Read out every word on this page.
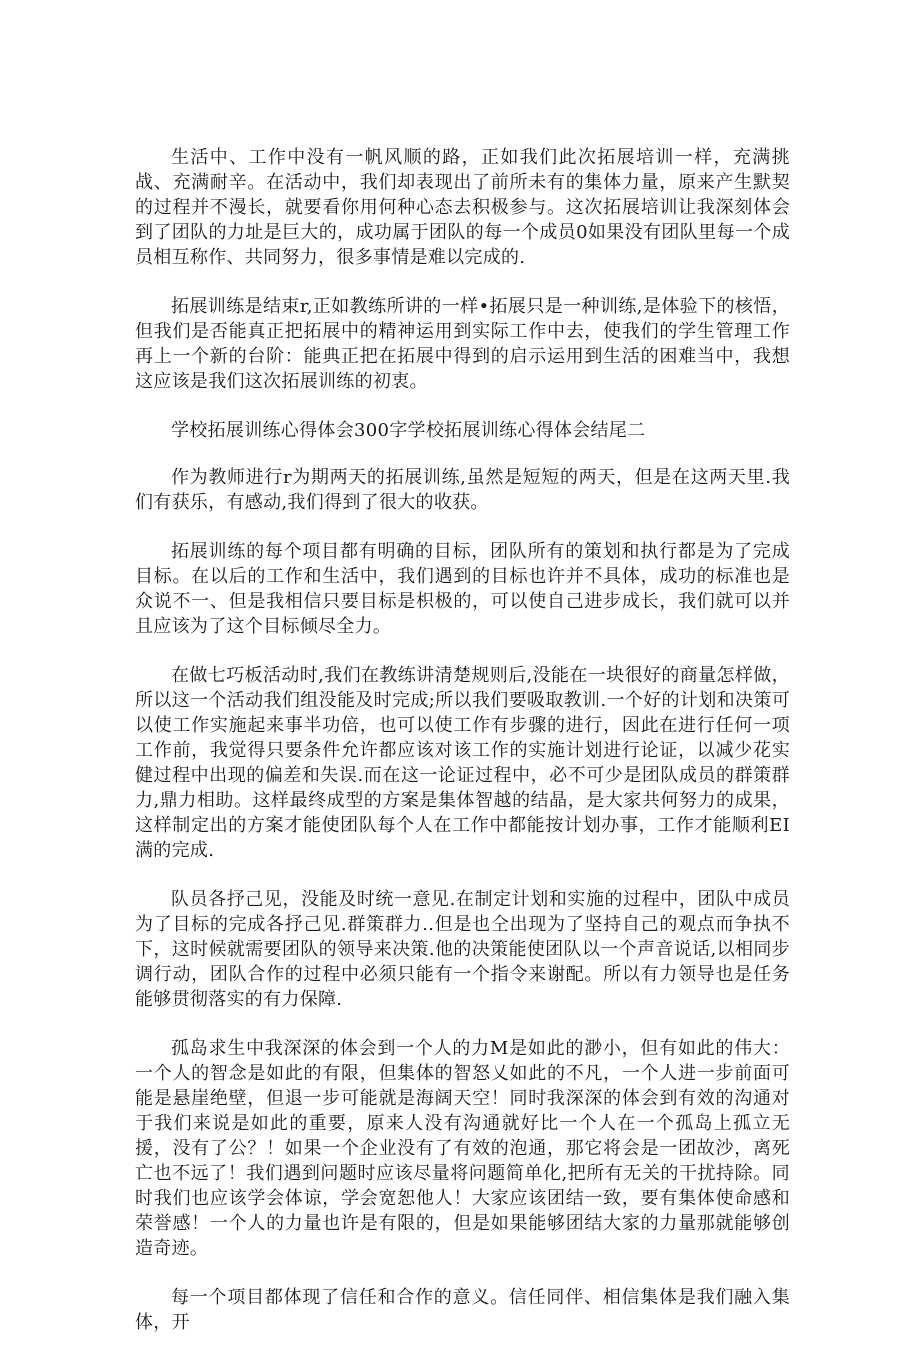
生活中、工作中没有一帆风顺的路，正如我们此次拓展培训一样，充满挑战、充满耐辛。在活动中，我们却表现出了前所未有的集体力量，原来产生默契的过程并不漫长，就要看你用何种心态去积极参与。这次拓展培训让我深刻体会到了团队的力址是巨大的，成功属于团队的每一个成员0如果没有团队里每一个成员相互称作、共同努力，很多事情是难以完成的.

拓展训练是结束r,正如教练所讲的一样•拓展只是一种训练,是体验下的核悟，但我们是否能真正把拓展中的精神运用到实际工作中去，使我们的学生管理工作再上一个新的台阶：能典正把在拓展中得到的启示运用到生活的困难当中，我想这应该是我们这次拓展训练的初衷。

学校拓展训练心得体会300字学校拓展训练心得体会结尾二

作为教师进行r为期两天的拓展训练,虽然是短短的两天，但是在这两天里.我们有获乐，有感动,我们得到了很大的收获。

拓展训练的每个项目都有明确的目标，团队所有的策划和执行都是为了完成目标。在以后的工作和生活中，我们遇到的目标也许并不具体，成功的标准也是众说不一、但是我相信只要目标是枳极的，可以使自己进步成长，我们就可以并且应该为了这个目标倾尽全力。

在做七巧板活动时,我们在教练讲清楚规则后,没能在一块很好的商量怎样做，所以这一个活动我们组没能及时完成;所以我们要吸取教训.一个好的计划和决策可以使工作实施起来事半功倍，也可以使工作有步骤的进行，因此在进行任何一项工作前，我觉得只要条件允许都应该对该工作的实施计划进行论证，以减少花实健过程中出现的偏差和失误.而在这一论证过程中，必不可少是团队成员的群策群力,鼎力相助。这样最终成型的方案是集体智越的结晶，是大家共何努力的成果，这样制定出的方案才能使团队每个人在工作中都能按计划办事，工作才能顺利EI满的完成.

队员各抒己见，没能及时统一意见.在制定计划和实施的过程中，团队中成员为了目标的完成各抒己见.群策群力..但是也仝出现为了坚持自己的观点而争执不下，这时候就需要团队的领导来决策.他的决策能使团队以一个声音说话,以相同步调行动，团队合作的过程中必须只能有一个指令来谢配。所以有力领导也是任务能够贯彻落实的有力保障.

孤岛求生中我深深的体会到一个人的力M是如此的渺小，但有如此的伟大：一个人的智念是如此的有限，但集体的智怒乂如此的不凡，一个人进一步前面可能是悬崖绝壁，但退一步可能就是海阔天空！同时我深深的体会到有效的沟通对于我们来说是如此的重要，原来人没有沟通就好比一个人在一个孤岛上孤立无援，没有了公？！如果一个企业没有了有效的泡通，那它将会是一团故沙，离死亡也不远了！我们遇到问题时应该尽量将问题简单化,把所有无关的干扰持除。同时我们也应该学会体谅，学会宽恕他人！大家应该团结一致，要有集体使命感和荣誉感！一个人的力量也许是有限的，但是如果能够团结大家的力量那就能够创造奇迹。

每一个项目都体现了信任和合作的意义。信任同伴、相信集体是我们融入集体，开
